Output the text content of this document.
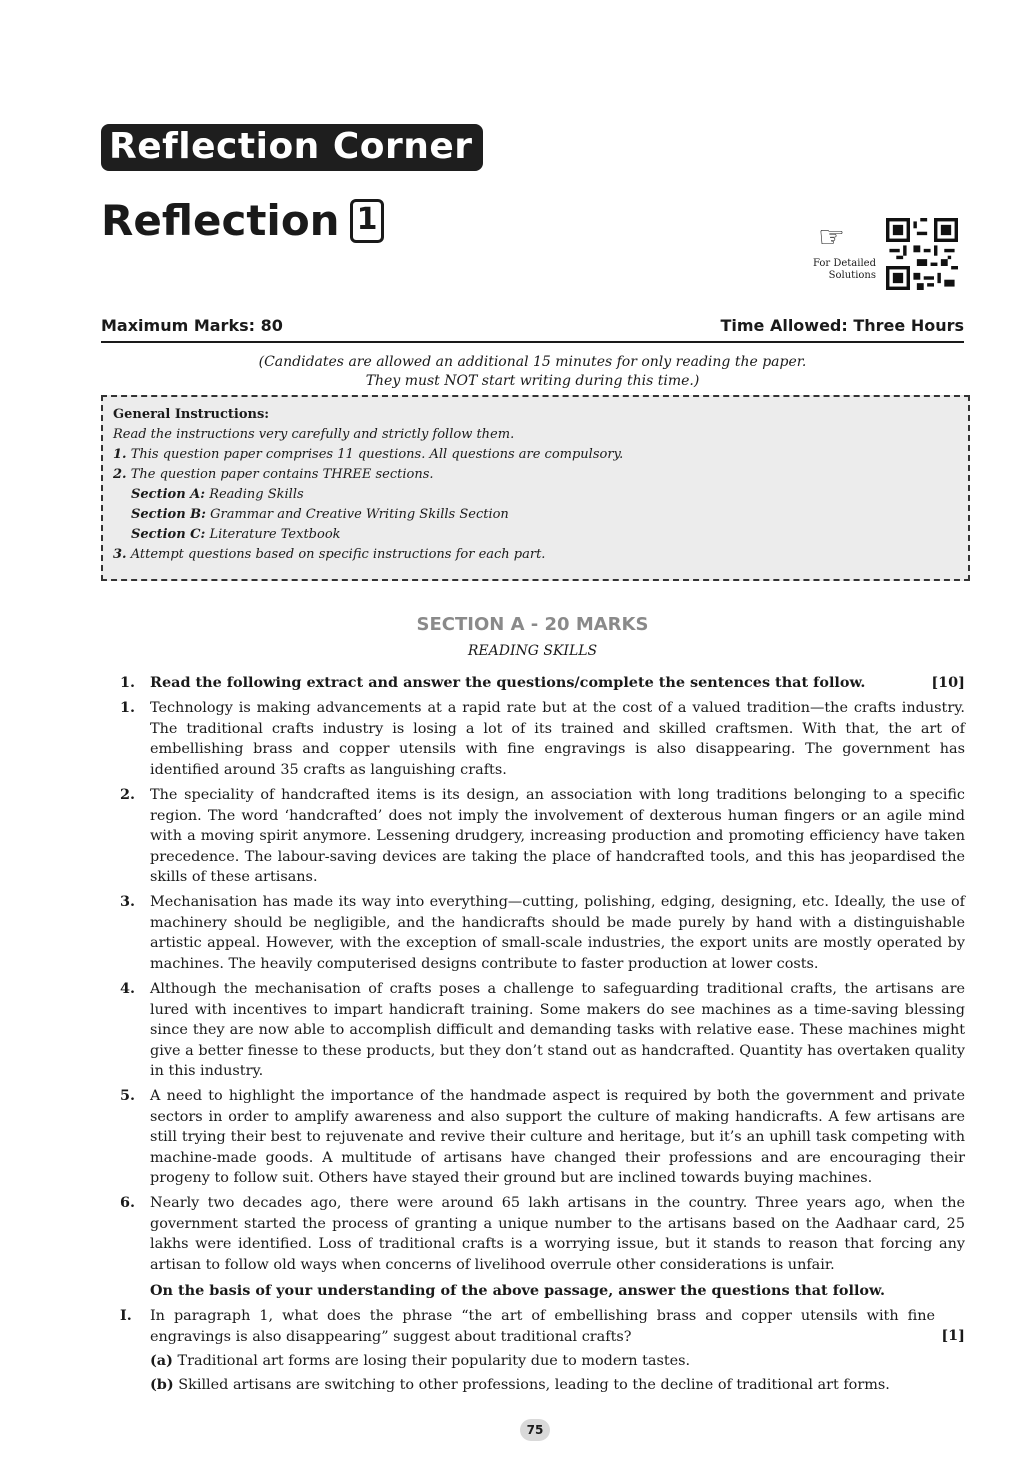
Reflection Corner
Reflection 1
☞
For Detailed
Solutions
Maximum Marks: 80	Time Allowed: Three Hours
(Candidates are allowed an additional 15 minutes for only reading the paper.
They must NOT start writing during this time.)
General Instructions:
Read the instructions very carefully and strictly follow them.
1. This question paper comprises 11 questions. All questions are compulsory.
2. The question paper contains THREE sections.
Section A: Reading Skills
Section B: Grammar and Creative Writing Skills Section
Section C: Literature Textbook
3. Attempt questions based on specific instructions for each part.
SECTION A - 20 MARKS
READING SKILLS
1.	Read the following extract and answer the questions/complete the sentences that follow.	[10]
1.	Technology is making advancements at a rapid rate but at the cost of a valued tradition—the crafts industry. The traditional crafts industry is losing a lot of its trained and skilled craftsmen. With that, the art of embellishing brass and copper utensils with fine engravings is also disappearing. The government has identified around 35 crafts as languishing crafts.
2.	The speciality of handcrafted items is its design, an association with long traditions belonging to a specific region. The word ‘handcrafted’ does not imply the involvement of dexterous human fingers or an agile mind with a moving spirit anymore. Lessening drudgery, increasing production and promoting efficiency have taken precedence. The labour-saving devices are taking the place of handcrafted tools, and this has jeopardised the skills of these artisans.
3.	Mechanisation has made its way into everything—cutting, polishing, edging, designing, etc. Ideally, the use of machinery should be negligible, and the handicrafts should be made purely by hand with a distinguishable artistic appeal. However, with the exception of small-scale industries, the export units are mostly operated by machines. The heavily computerised designs contribute to faster production at lower costs.
4.	Although the mechanisation of crafts poses a challenge to safeguarding traditional crafts, the artisans are lured with incentives to impart handicraft training. Some makers do see machines as a time-saving blessing since they are now able to accomplish difficult and demanding tasks with relative ease. These machines might give a better finesse to these products, but they don’t stand out as handcrafted. Quantity has overtaken quality in this industry.
5.	A need to highlight the importance of the handmade aspect is required by both the government and private sectors in order to amplify awareness and also support the culture of making handicrafts. A few artisans are still trying their best to rejuvenate and revive their culture and heritage, but it’s an uphill task competing with machine-made goods. A multitude of artisans have changed their professions and are encouraging their progeny to follow suit. Others have stayed their ground but are inclined towards buying machines.
6.	Nearly two decades ago, there were around 65 lakh artisans in the country. Three years ago, when the government started the process of granting a unique number to the artisans based on the Aadhaar card, 25 lakhs were identified. Loss of traditional crafts is a worrying issue, but it stands to reason that forcing any artisan to follow old ways when concerns of livelihood overrule other considerations is unfair.
On the basis of your understanding of the above passage, answer the questions that follow.
I.	In paragraph 1, what does the phrase “the art of embellishing brass and copper utensils with fine engravings is also disappearing” suggest about traditional crafts?	[1]
(a) Traditional art forms are losing their popularity due to modern tastes.
(b) Skilled artisans are switching to other professions, leading to the decline of traditional art forms.
75
